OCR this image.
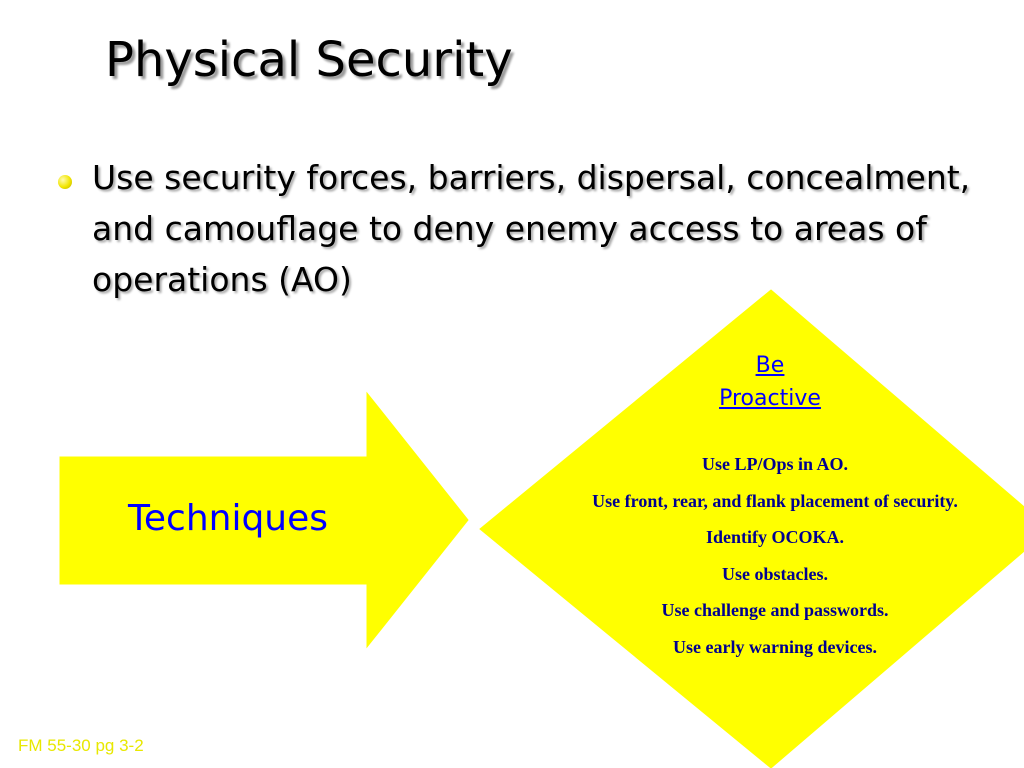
Physical Security

Use security forces, barriers, dispersal, concealment, and camouflage to deny enemy access to areas of operations (AO)

Techniques
Be
Proactive
Use LP/Ops in AO.
Use front, rear, and flank placement of security.
Identify OCOKA.
Use obstacles.
Use challenge and passwords.
Use early warning devices.
FM 55-30 pg 3-2
